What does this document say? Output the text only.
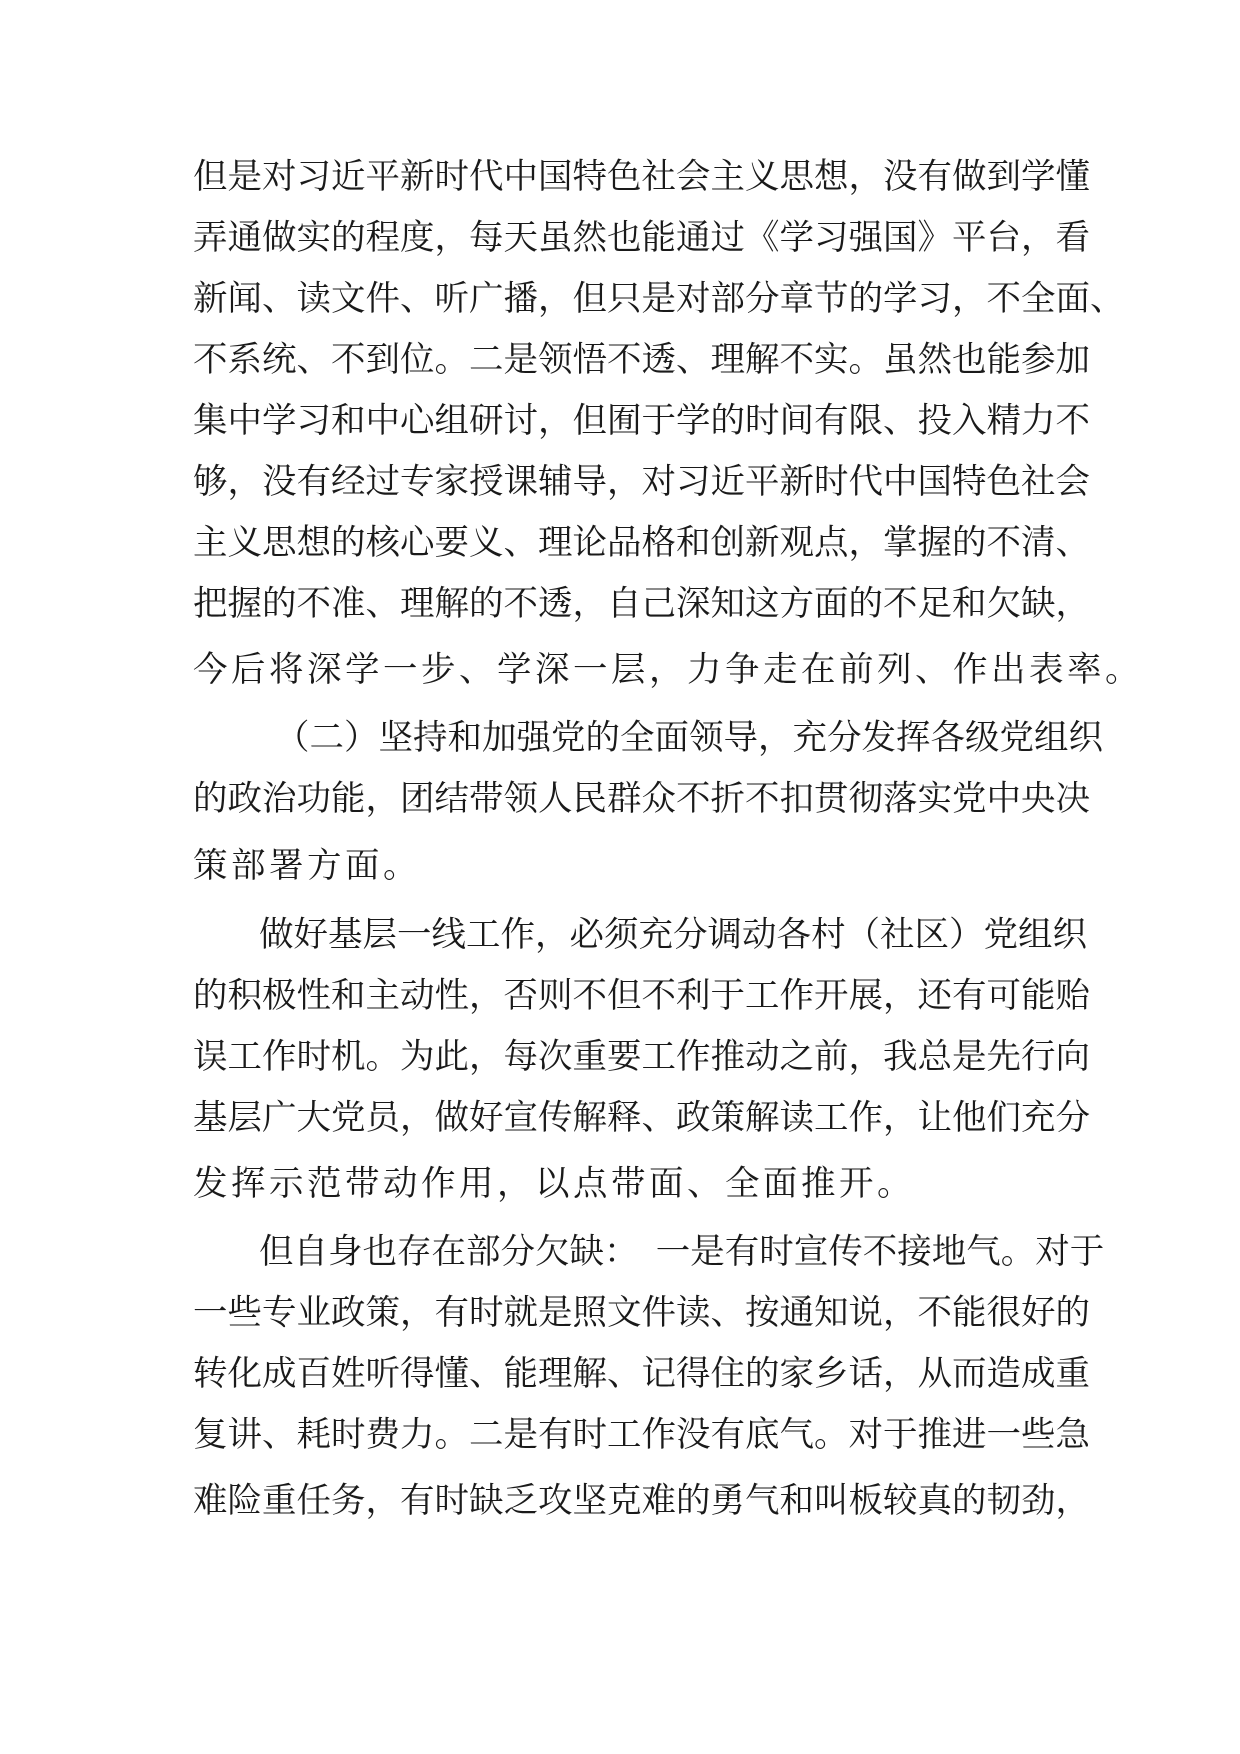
但是对习近平新时代中国特色社会主义思想，没有做到学懂
弄通做实的程度，每天虽然也能通过《学习强国》平台，看
新闻、读文件、听广播，但只是对部分章节的学习，不全面、
不系统、不到位。二是领悟不透、理解不实。虽然也能参加
集中学习和中心组研讨，但囿于学的时间有限、投入精力不
够，没有经过专家授课辅导，对习近平新时代中国特色社会
主义思想的核心要义、理论品格和创新观点，掌握的不清、
把握的不准、理解的不透，自己深知这方面的不足和欠缺，
今后将深学一步、学深一层，力争走在前列、作出表率。
（二）坚持和加强党的全面领导，充分发挥各级党组织
的政治功能，团结带领人民群众不折不扣贯彻落实党中央决
策部署方面。
做好基层一线工作，必须充分调动各村（社区）党组织
的积极性和主动性，否则不但不利于工作开展，还有可能贻
误工作时机。为此，每次重要工作推动之前，我总是先行向
基层广大党员，做好宣传解释、政策解读工作，让他们充分
发挥示范带动作用，以点带面、全面推开。
但自身也存在部分欠缺：　一是有时宣传不接地气。对于
一些专业政策，有时就是照文件读、按通知说，不能很好的
转化成百姓听得懂、能理解、记得住的家乡话，从而造成重
复讲、耗时费力。二是有时工作没有底气。对于推进一些急
难险重任务，有时缺乏攻坚克难的勇气和叫板较真的韧劲，
